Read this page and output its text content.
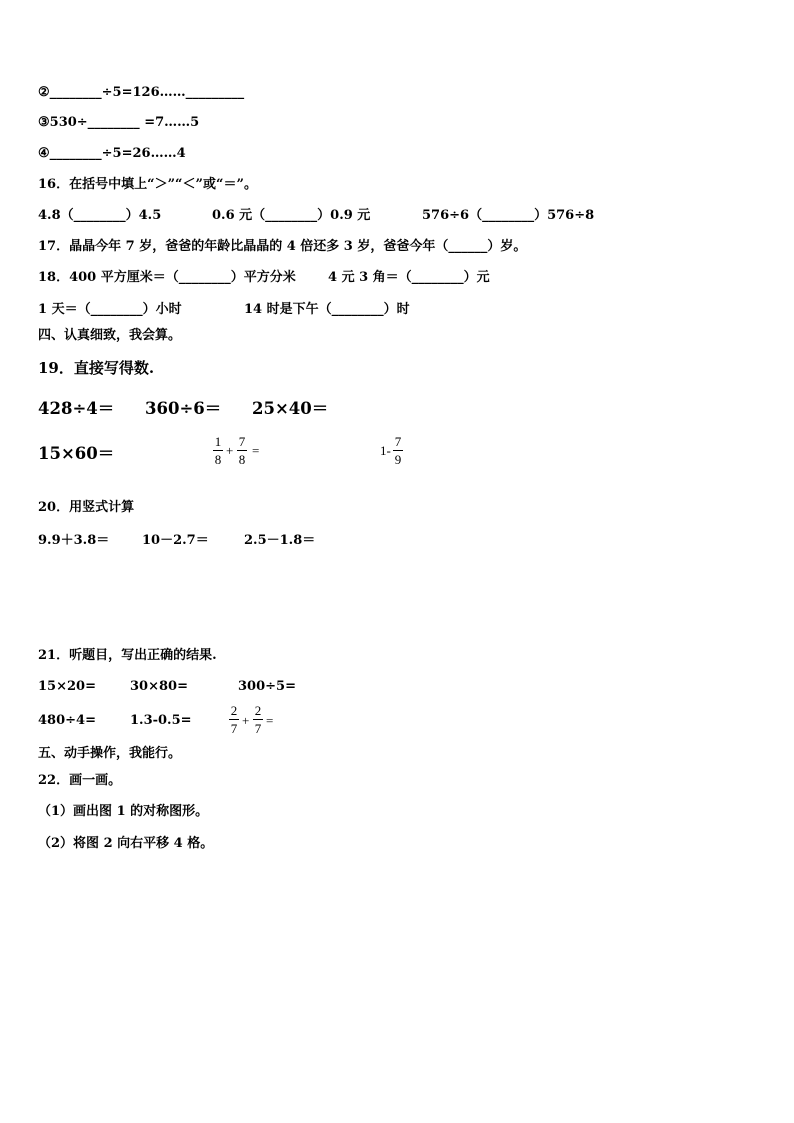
②________÷5=126……_________
③530÷________ =7……5
④________÷5=26……4
16．在括号中填上“＞”“＜”或“＝”。
4.8（________）4.5	0.6 元（________）0.9 元	576÷6（________）576÷8
17．晶晶今年 7 岁，爸爸的年龄比晶晶的 4 倍还多 3 岁，爸爸今年（______）岁。
18．400 平方厘米＝（________）平方分米 4 元 3 角＝（________）元
1 天＝（________）小时	14 时是下午（________）时
四、认真细致，我会算。
19．直接写得数.
428÷4＝ 360÷6＝ 25×40＝
15×60＝
1
8
+
7
8
=	1-
7
9
20．用竖式计算
9.9＋3.8＝	10－2.7＝	2.5－1.8＝
21．听题目，写出正确的结果.
15×20=	30×80=	300÷5=
480÷4=	1.3-0.5=
2
7
+
2
7
=
五、动手操作，我能行。
22．画一画。
（1）画出图 1 的对称图形。
（2）将图 2 向右平移 4 格。
